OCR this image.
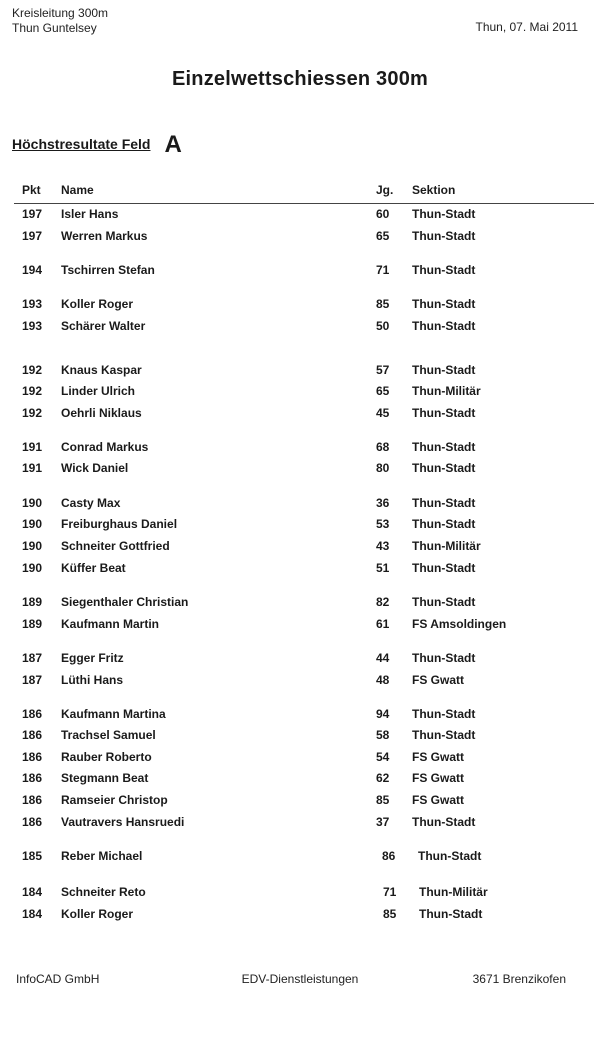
Kreisleitung 300m
Thun Guntelsey	Thun, 07. Mai 2011
Einzelwettschiessen 300m
Höchstresultate Feld A
Pkt Name	Jg. Sektion
197 Isler Hans	60 Thun-Stadt
197 Werren Markus	65 Thun-Stadt
194 Tschirren Stefan	71 Thun-Stadt
193 Koller Roger	85 Thun-Stadt
193 Schärer Walter	50 Thun-Stadt
192 Knaus Kaspar	57 Thun-Stadt
192 Linder Ulrich	65 Thun-Militär
192 Oehrli Niklaus	45 Thun-Stadt
191 Conrad Markus	68 Thun-Stadt
191 Wick Daniel	80 Thun-Stadt
190 Casty Max	36 Thun-Stadt
190 Freiburghaus Daniel	53 Thun-Stadt
190 Schneiter Gottfried	43 Thun-Militär
190 Küffer Beat	51 Thun-Stadt
189 Siegenthaler Christian	82 Thun-Stadt
189 Kaufmann Martin	61 FS Amsoldingen
187 Egger Fritz	44 Thun-Stadt
187 Lüthi Hans	48 FS Gwatt
186 Kaufmann Martina	94 Thun-Stadt
186 Trachsel Samuel	58 Thun-Stadt
186 Rauber Roberto	54 FS Gwatt
186 Stegmann Beat	62 FS Gwatt
186 Ramseier Christop	85 FS Gwatt
186 Vautravers Hansruedi	37 Thun-Stadt
185 Reber Michael	86 Thun-Stadt
184 Schneiter Reto	71 Thun-Militär
184 Koller Roger	85 Thun-Stadt
InfoCAD GmbH	EDV-Dienstleistungen	3671 Brenzikofen
